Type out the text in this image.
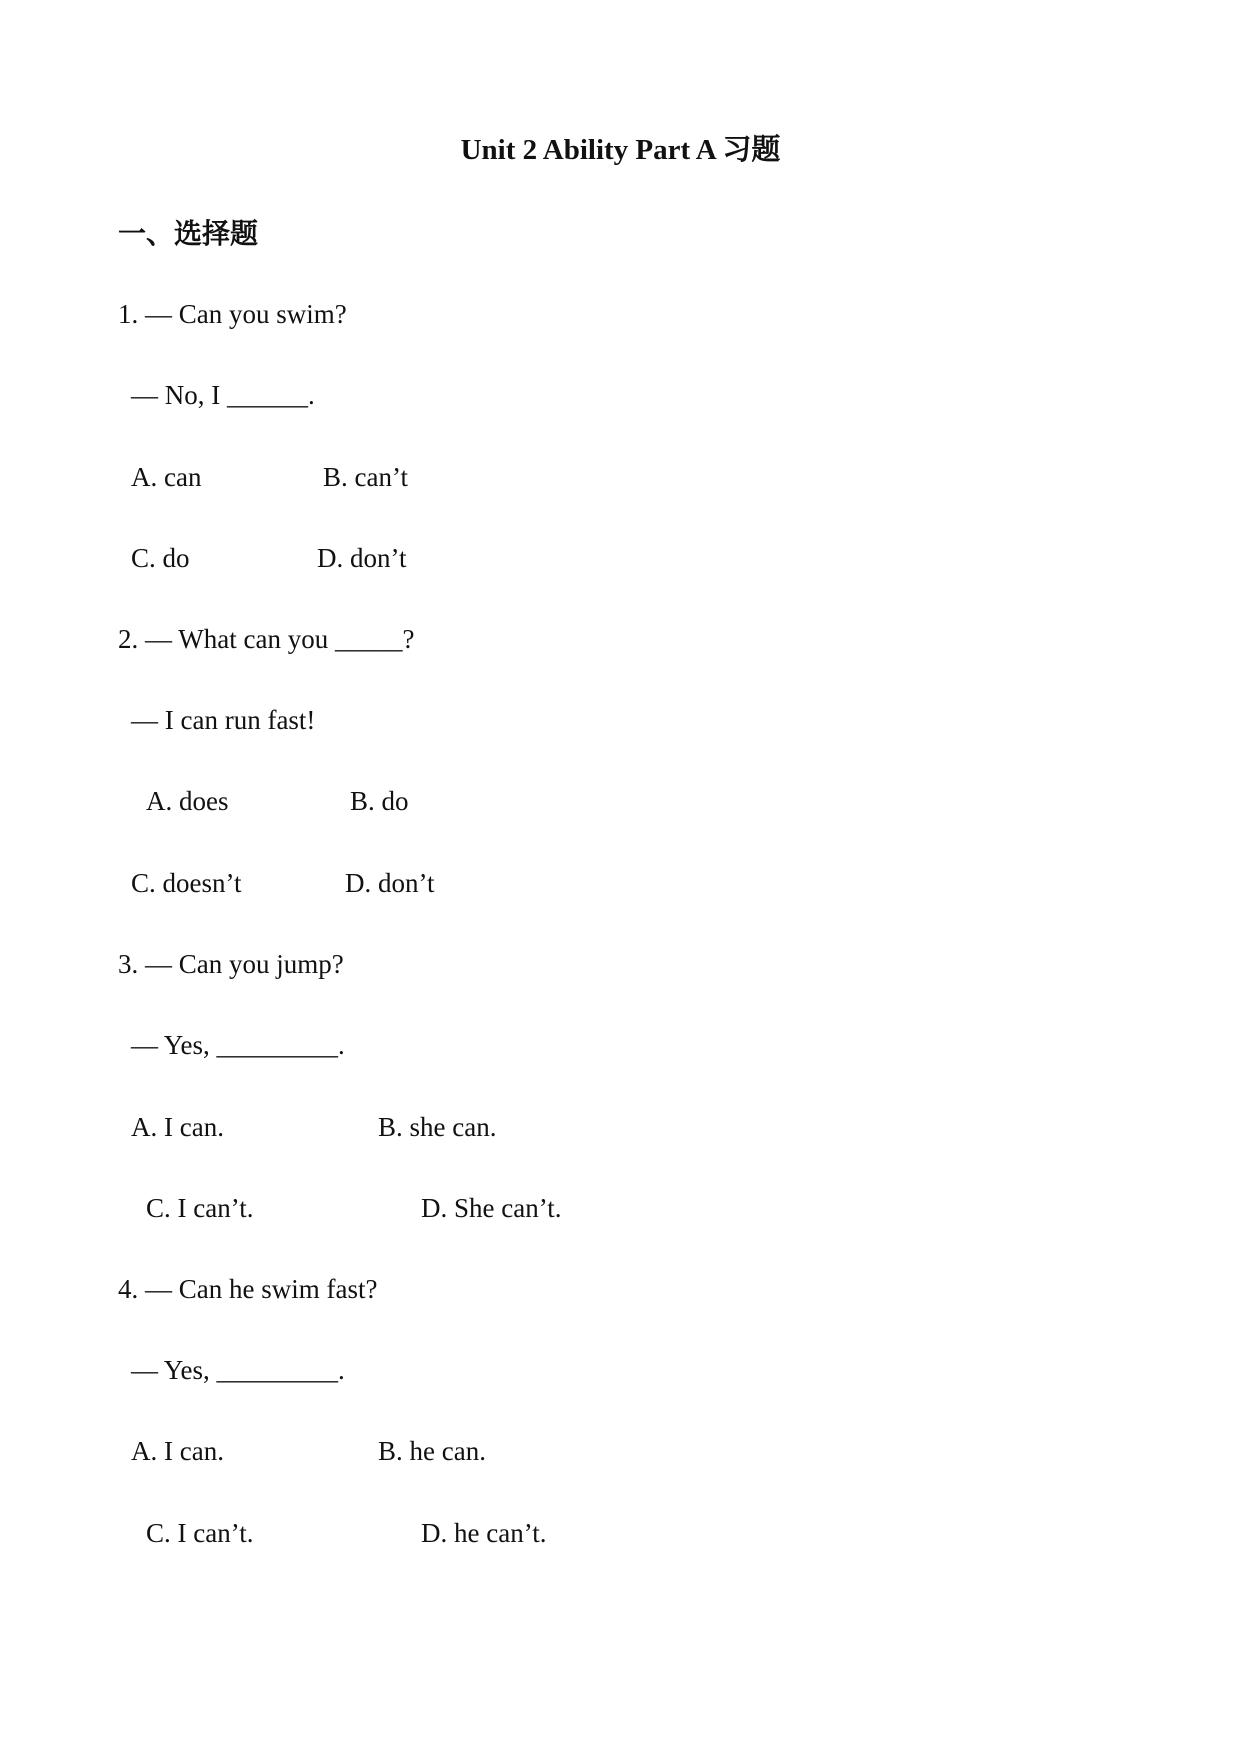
Unit 2 Ability Part A 习题
一、选择题
1. — Can you swim?
— No, I ______.
A. can	B. can’t
C. do	D. don’t
2. — What can you _____?
— I can run fast!
A. does	B. do
C. doesn’t	D. don’t
3. — Can you jump?
— Yes, _________.
A. I can.	B. she can.
C. I can’t.	D. She can’t.
4. — Can he swim fast?
— Yes, _________.
A. I can.	B. he can.
C. I can’t.	D. he can’t.
